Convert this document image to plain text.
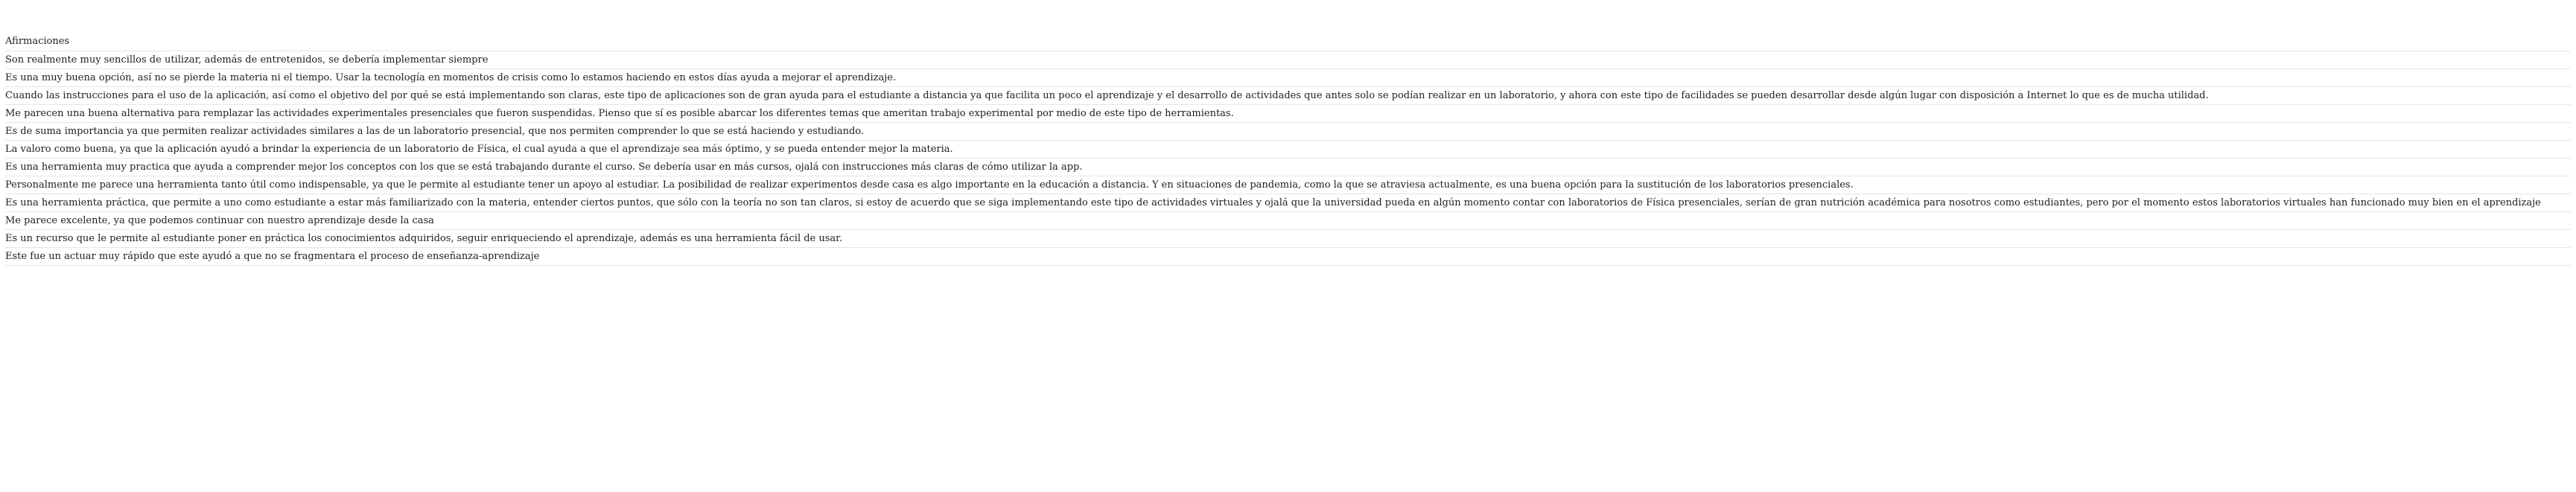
Afirmaciones
Son realmente muy sencillos de utilizar, además de entretenidos, se debería implementar siempre
Es una muy buena opción, así no se pierde la materia ni el tiempo. Usar la tecnología en momentos de crisis como lo estamos haciendo en estos días ayuda a mejorar el aprendizaje.
Cuando las instrucciones para el uso de la aplicación, así como el objetivo del por qué se está implementando son claras, este tipo de aplicaciones son de gran ayuda para el estudiante a distancia ya que facilita un poco el aprendizaje y el desarrollo de actividades que antes solo se podían realizar en un laboratorio, y ahora con este tipo de facilidades se pueden desarrollar desde algún lugar con disposición a Internet lo que es de mucha utilidad.
Me parecen una buena alternativa para remplazar las actividades experimentales presenciales que fueron suspendidas. Pienso que sí es posible abarcar los diferentes temas que ameritan trabajo experimental por medio de este tipo de herramientas.
Es de suma importancia ya que permiten realizar actividades similares a las de un laboratorio presencial, que nos permiten comprender lo que se está haciendo y estudiando.
La valoro como buena, ya que la aplicación ayudó a brindar la experiencia de un laboratorio de Física, el cual ayuda a que el aprendizaje sea más óptimo, y se pueda entender mejor la materia.
Es una herramienta muy practica que ayuda a comprender mejor los conceptos con los que se está trabajando durante el curso. Se debería usar en más cursos, ojalá con instrucciones más claras de cómo utilizar la app.
Personalmente me parece una herramienta tanto útil como indispensable, ya que le permite al estudiante tener un apoyo al estudiar. La posibilidad de realizar experimentos desde casa es algo importante en la educación a distancia. Y en situaciones de pandemia, como la que se atraviesa actualmente, es una buena opción para la sustitución de los laboratorios presenciales.
Es una herramienta práctica, que permite a uno como estudiante a estar más familiarizado con la materia, entender ciertos puntos, que sólo con la teoría no son tan claros, si estoy de acuerdo que se siga implementando este tipo de actividades virtuales y ojalá que la universidad pueda en algún momento contar con laboratorios de Física presenciales, serían de gran nutrición académica para nosotros como estudiantes, pero por el momento estos laboratorios virtuales han funcionado muy bien en el aprendizaje
Me parece excelente, ya que podemos continuar con nuestro aprendizaje desde la casa
Es un recurso que le permite al estudiante poner en práctica los conocimientos adquiridos, seguir enriqueciendo el aprendizaje, además es una herramienta fácil de usar.
Este fue un actuar muy rápido que este ayudó a que no se fragmentara el proceso de enseñanza-aprendizaje
